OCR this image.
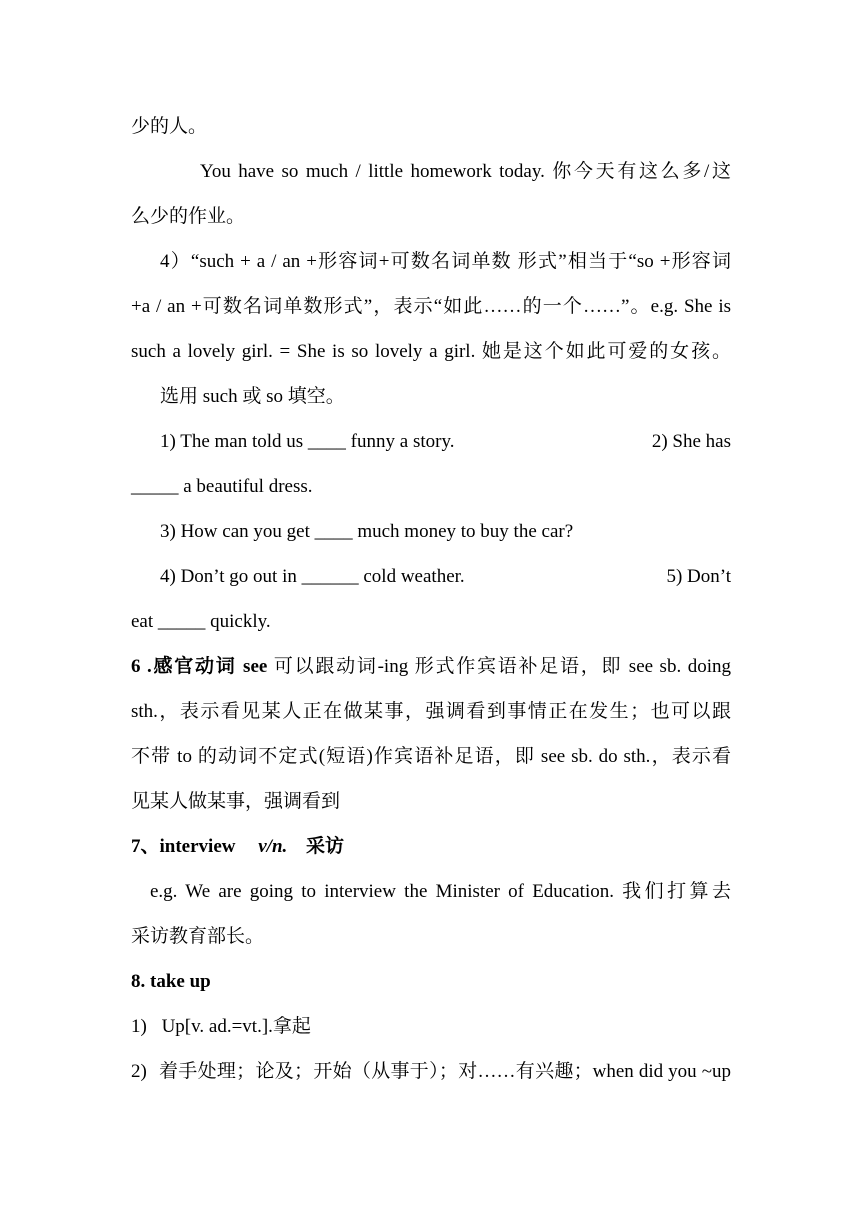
少的人。
You have so much / little homework today. 你今天有这么多/这
么少的作业。
4）“such + a / an +形容词+可数名词单数 形式”相当于“so +形容词
+a / an +可数名词单数形式”，表示“如此……的一个……”。e.g. She is
such a lovely girl. = She is so lovely a girl. 她是这个如此可爱的女孩。
选用 such 或 so 填空。
1) The man told us ____ funny a story.	2) She has
_____ a beautiful dress.
3) How can you get ____ much money to buy the car?
4) Don’t go out in ______ cold weather.	5) Don’t
eat _____ quickly.
6 .感官动词 see 可以跟动词-ing 形式作宾语补足语，即 see sb. doing
sth.，表示看见某人正在做某事，强调看到事情正在发生；也可以跟
不带 to 的动词不定式(短语)作宾语补足语，即 see sb. do sth.，表示看
见某人做某事，强调看到
7、interview v/n. 采访
e.g. We are going to interview the Minister of Education. 我们打算去
采访教育部长。
8. take up
1) Up[v. ad.=vt.].拿起
2) 着手处理；论及；开始（从事于）；对……有兴趣；when did you ~up
